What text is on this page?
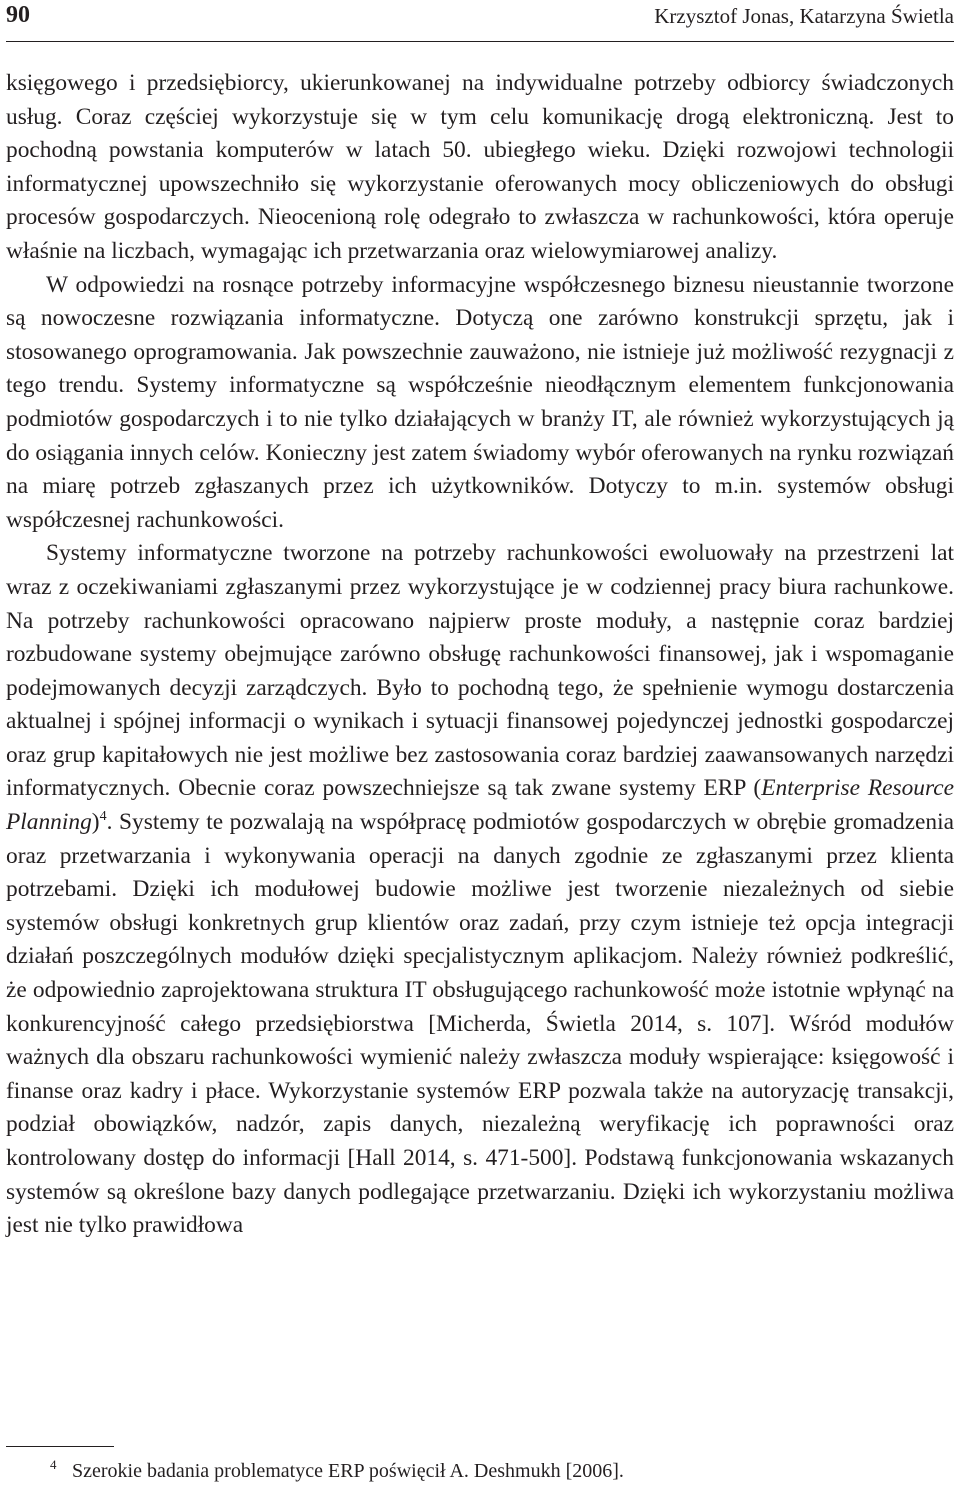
90	Krzysztof Jonas, Katarzyna Świetla

księgowego i przedsiębiorcy, ukierunkowanej na indywidualne potrzeby odbiorcy świadczonych usług. Coraz częściej wykorzystuje się w tym celu komunikację drogą elektroniczną. Jest to pochodną powstania komputerów w latach 50. ubiegłego wieku. Dzięki rozwojowi technologii informatycznej upowszechniło się wykorzystanie oferowanych mocy obliczeniowych do obsługi procesów gospodarczych. Nieocenioną rolę odegrało to zwłaszcza w rachunkowości, która operuje właśnie na liczbach, wymagając ich przetwarzania oraz wielowymiarowej analizy.

W odpowiedzi na rosnące potrzeby informacyjne współczesnego biznesu nieustannie tworzone są nowoczesne rozwiązania informatyczne. Dotyczą one zarówno konstrukcji sprzętu, jak i stosowanego oprogramowania. Jak powszechnie zauważono, nie istnieje już możliwość rezygnacji z tego trendu. Systemy informatyczne są współcześnie nieodłącznym elementem funkcjonowania podmiotów gospodarczych i to nie tylko działających w branży IT, ale również wykorzystujących ją do osiągania innych celów. Konieczny jest zatem świadomy wybór oferowanych na rynku rozwiązań na miarę potrzeb zgłaszanych przez ich użytkowników. Dotyczy to m.in. systemów obsługi współczesnej rachunkowości.

Systemy informatyczne tworzone na potrzeby rachunkowości ewoluowały na przestrzeni lat wraz z oczekiwaniami zgłaszanymi przez wykorzystujące je w codziennej pracy biura rachunkowe. Na potrzeby rachunkowości opracowano najpierw proste moduły, a następnie coraz bardziej rozbudowane systemy obejmujące zarówno obsługę rachunkowości finansowej, jak i wspomaganie podejmowanych decyzji zarządczych. Było to pochodną tego, że spełnienie wymogu dostarczenia aktualnej i spójnej informacji o wynikach i sytuacji finansowej pojedynczej jednostki gospodarczej oraz grup kapitałowych nie jest możliwe bez zastosowania coraz bardziej zaawansowanych narzędzi informatycznych. Obecnie coraz powszechniejsze są tak zwane systemy ERP (Enterprise Resource Planning)$^4$. Systemy te pozwalają na współpracę podmiotów gospodarczych w obrębie gromadzenia oraz przetwarzania i wykonywania operacji na danych zgodnie ze zgłaszanymi przez klienta potrzebami. Dzięki ich modułowej budowie możliwe jest tworzenie niezależnych od siebie systemów obsługi konkretnych grup klientów oraz zadań, przy czym istnieje też opcja integracji działań poszczególnych modułów dzięki specjalistycznym aplikacjom. Należy również podkreślić, że odpowiednio zaprojektowana struktura IT obsługującego rachunkowość może istotnie wpłynąć na konkurencyjność całego przedsiębiorstwa [Micherda, Świetla 2014, s. 107]. Wśród modułów ważnych dla obszaru rachunkowości wymienić należy zwłaszcza moduły wspierające: księgowość i finanse oraz kadry i płace. Wykorzystanie systemów ERP pozwala także na autoryzację transakcji, podział obowiązków, nadzór, zapis danych, niezależną weryfikację ich poprawności oraz kontrolowany dostęp do informacji [Hall 2014, s. 471-500]. Podstawą funkcjonowania wskazanych systemów są określone bazy danych podlegające przetwarzaniu. Dzięki ich wykorzystaniu możliwa jest nie tylko prawidłowa

4 Szerokie badania problematyce ERP poświęcił A. Deshmukh [2006].
